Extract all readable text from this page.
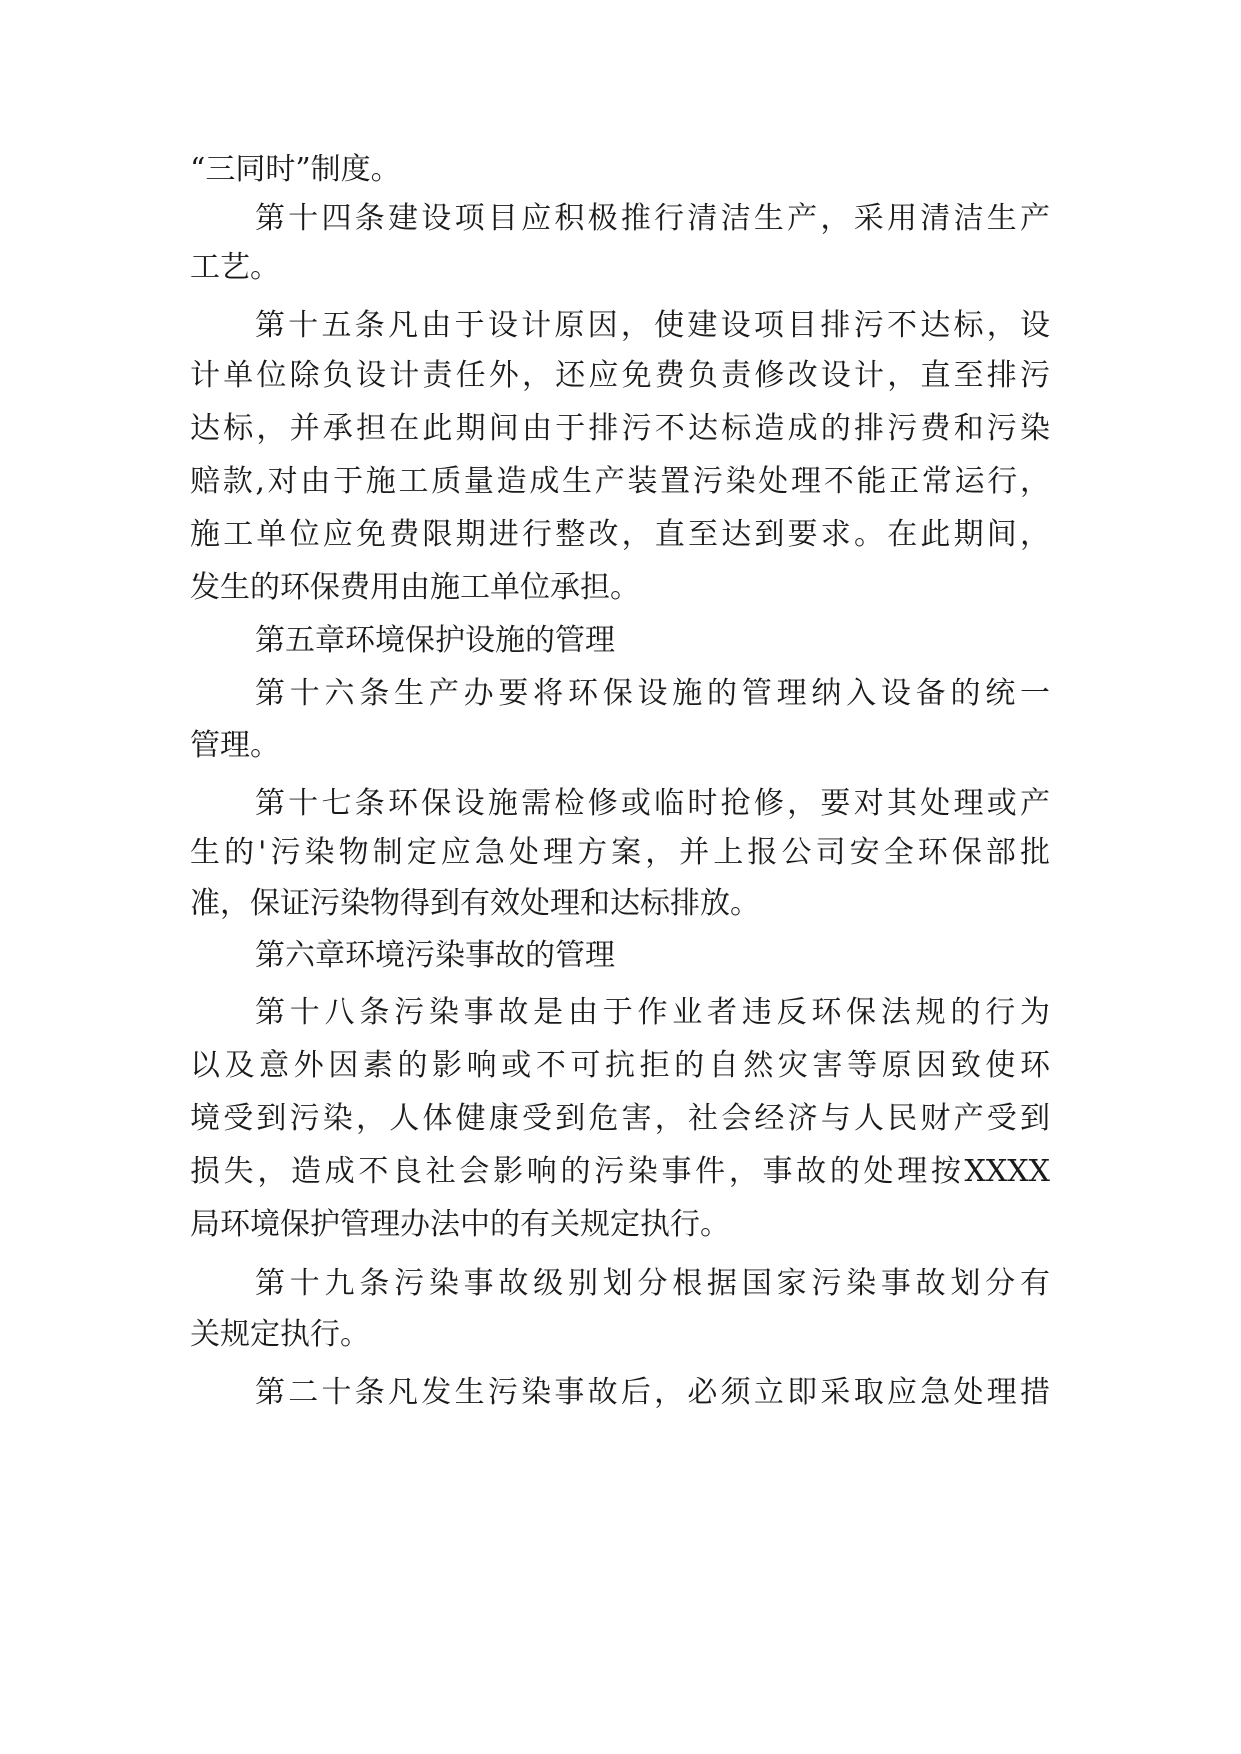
“三同时”制度。
第十四条建设项目应积极推行清洁生产，采用清洁生产
工艺。
第十五条凡由于设计原因，使建设项目排污不达标，设
计单位除负设计责任外，还应免费负责修改设计，直至排污
达标，并承担在此期间由于排污不达标造成的排污费和污染
赔款,对由于施工质量造成生产装置污染处理不能正常运行，
施工单位应免费限期进行整改，直至达到要求。在此期间，
发生的环保费用由施工单位承担。
第五章环境保护设施的管理
第十六条生产办要将环保设施的管理纳入设备的统一
管理。
第十七条环保设施需检修或临时抢修，要对其处理或产
生的'污染物制定应急处理方案，并上报公司安全环保部批
准，保证污染物得到有效处理和达标排放。
第六章环境污染事故的管理
第十八条污染事故是由于作业者违反环保法规的行为
以及意外因素的影响或不可抗拒的自然灾害等原因致使环
境受到污染，人体健康受到危害，社会经济与人民财产受到
损失，造成不良社会影响的污染事件，事故的处理按XXXX
局环境保护管理办法中的有关规定执行。
第十九条污染事故级别划分根据国家污染事故划分有
关规定执行。
第二十条凡发生污染事故后，必须立即采取应急处理措
